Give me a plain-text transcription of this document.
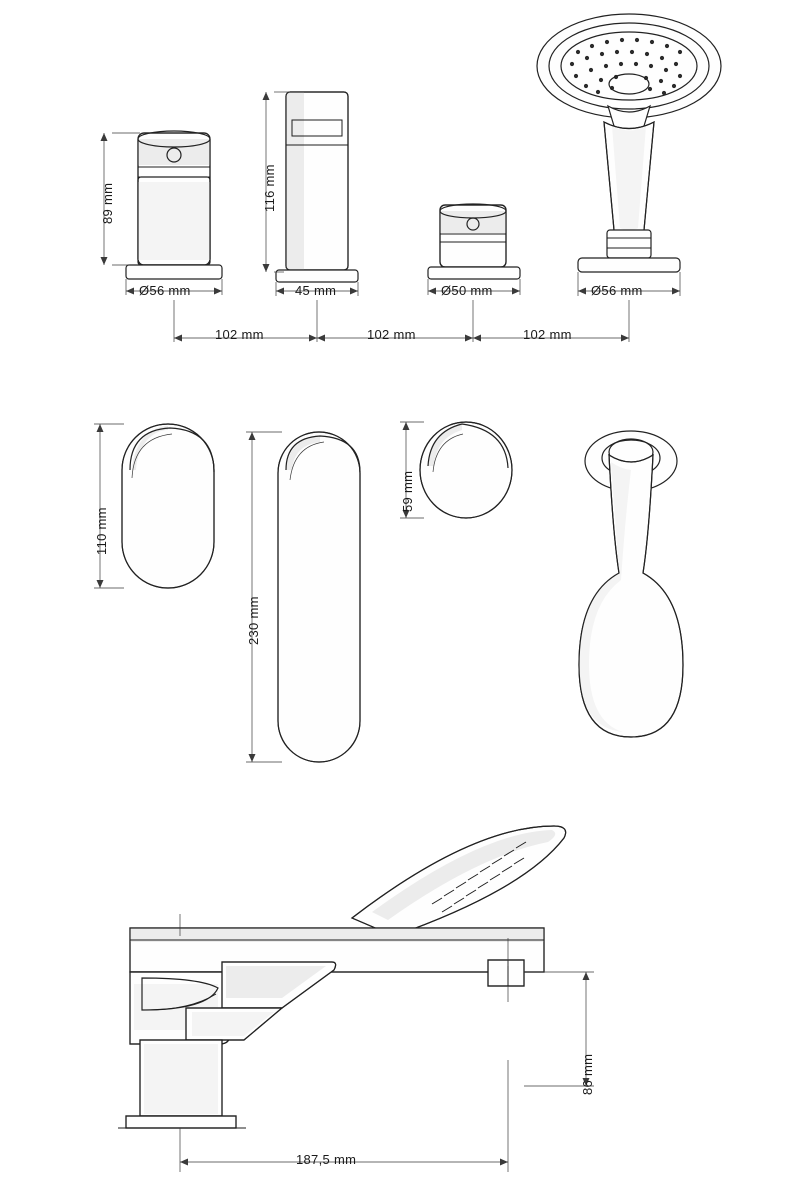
89 mm	116 mm
Ø56 mm	45 mm	Ø50 mm	Ø56 mm
102 mm	102 mm	102 mm
110 mm
230 mm
59 mm
86 mm
187,5 mm
